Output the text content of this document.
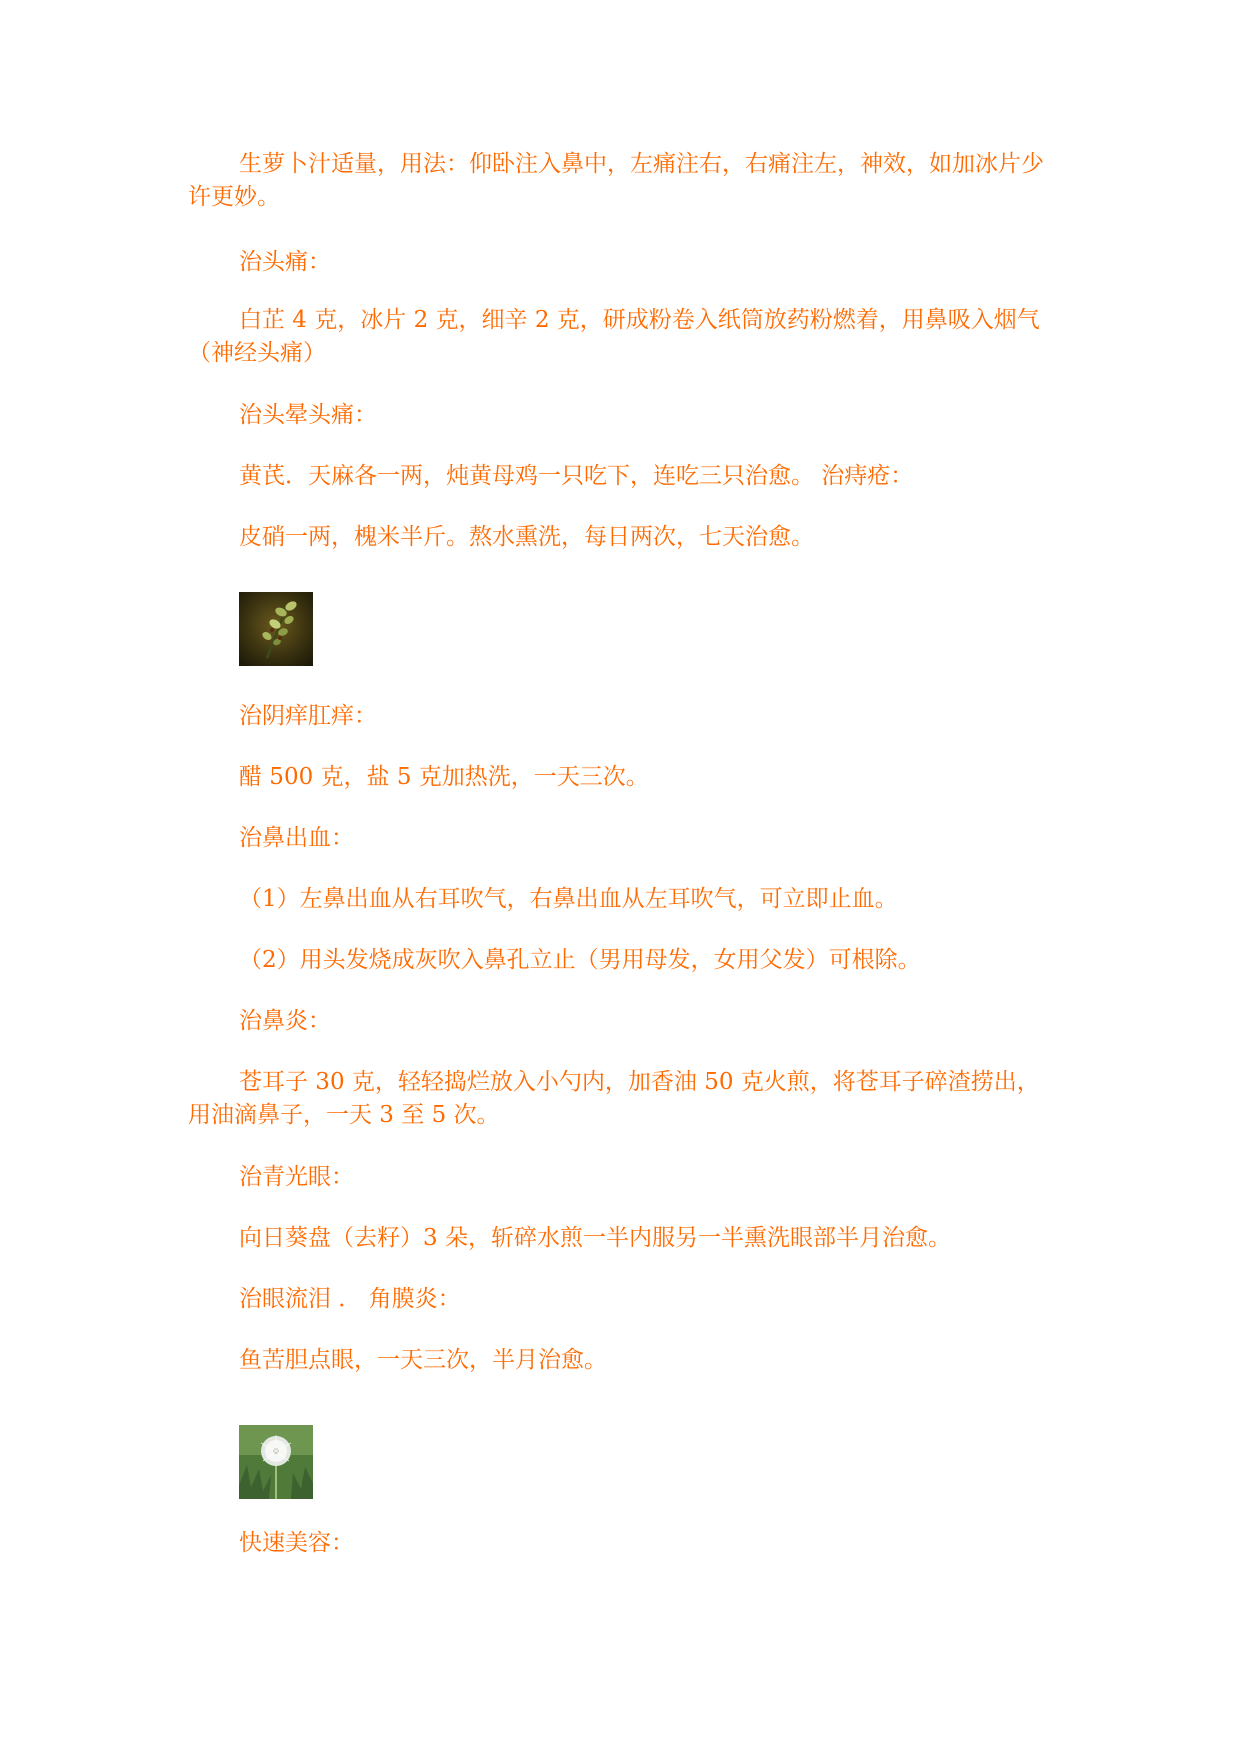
生萝卜汁适量，用法：仰卧注入鼻中，左痛注右，右痛注左，神效，如加冰片少许更妙。

治头痛：

白芷 4 克，冰片 2 克，细辛 2 克，研成粉卷入纸筒放药粉燃着，用鼻吸入烟气（神经头痛）

治头晕头痛：

黄芪．天麻各一两，炖黄母鸡一只吃下，连吃三只治愈。 治痔疮：

皮硝一两，槐米半斤。熬水熏洗，每日两次，七天治愈。

治阴痒肛痒：

醋 500 克，盐 5 克加热洗，一天三次。

治鼻出血：

（1）左鼻出血从右耳吹气，右鼻出血从左耳吹气，可立即止血。

（2）用头发烧成灰吹入鼻孔立止（男用母发，女用父发）可根除。

治鼻炎：

苍耳子 30 克，轻轻捣烂放入小勺内，加香油 50 克火煎，将苍耳子碎渣捞出，用油滴鼻子，一天 3 至 5 次。

治青光眼：

向日葵盘（去籽）3 朵，斩碎水煎一半内服另一半熏洗眼部半月治愈。

治眼流泪 ． 角膜炎：

鱼苦胆点眼，一天三次，半月治愈。

快速美容：
